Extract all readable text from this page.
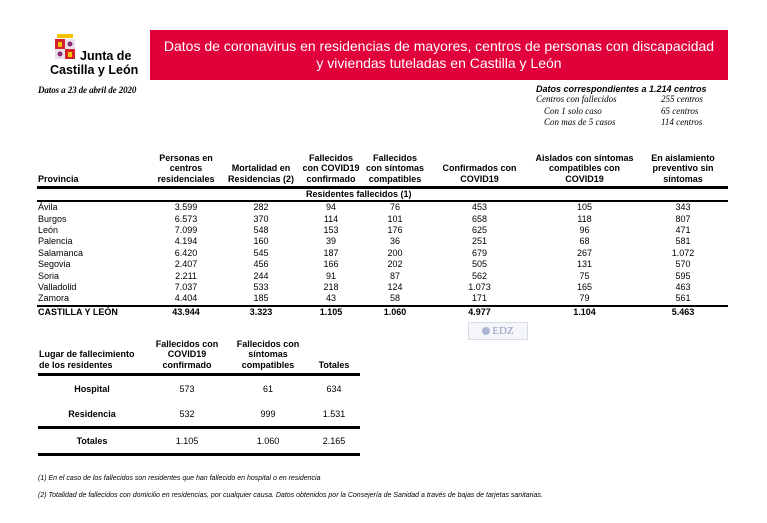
Junta de
Castilla y León
Datos a 23 de abril de 2020
Datos de coronavirus en residencias de mayores, centros de personas con discapacidad y viviendas tuteladas en Castilla y León
Datos correspondientes a 1.214 centros
Centros con fallecidos	255 centros
Con 1 solo caso	65 centros
Con mas de 5 casos	114 centros
Provincia	Personas en centros residenciales	Mortalidad en Residencias (2)	Fallecidos con COVID19 confirmado	Fallecidos con síntomas compatibles	Confirmados con COVID19	Aislados con síntomas compatibles con COVID19	En aislamiento preventivo sin síntomas
			Residentes fallecidos (1)				
Ávila	3.599	282	94	76	453	105	343
Burgos	6.573	370	114	101	658	118	807
León	7.099	548	153	176	625	96	471
Palencia	4.194	160	39	36	251	68	581
Salamanca	6.420	545	187	200	679	267	1.072
Segovia	2.407	456	166	202	505	131	570
Soria	2.211	244	91	87	562	75	595
Valladolid	7.037	533	218	124	1.073	165	463
Zamora	4.404	185	43	58	171	79	561
CASTILLA Y LEÓN	43.944	3.323	1.105	1.060	4.977	1.104	5.463
EDZ
Lugar de fallecimiento de los residentes	Fallecidos con COVID19 confirmado	Fallecidos con síntomas compatibles	Totales
Hospital	573	61	634
Residencia	532	999	1.531
Totales	1.105	1.060	2.165
(1) En el caso de los fallecidos son residentes que han fallecido en hospital o en residencia
(2) Totalidad de fallecidos con domicilio en residencias, por cualquier causa. Datos obtenidos por la Consejería de Sanidad a través de bajas de tarjetas sanitarias.
